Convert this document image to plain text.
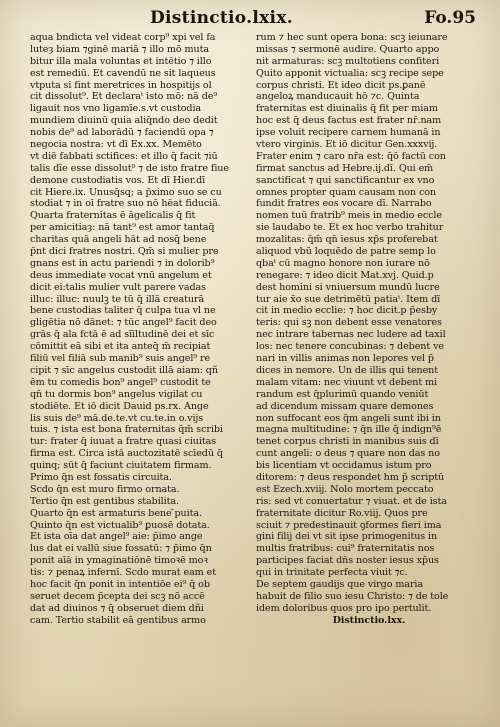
Distinctio.lxix.	Fo.95
aqua bndicta vel videat corp⁹ xpi vel fa
luteȝ biam ⁊ginē mariā ⁊ illo mō muta
bitur illa mala voluntas et intētio ⁊ illo
est remediū. Et cavendū ne sit laqueus
vtputa si fint meretrices in hospitijs ol
cit dissolut⁹. Et declaraᵗ isto mō: nā de⁹
ligauit nos vno ligamīe.s.vt custodia
mundiem diuinū quia aliq̄ndo deo dedit
nobis de⁹ ad laborādū ⁊ faciendū opa ⁊
negocia nostra: vt dī Ex.xx. Memēto
vt diē fabbati sctifices: et illo q̄ facit ⁊iū
talis dīe esse dissolut⁹ ⁊ de isto fratre fiue
demone custodiatis vos. Et dī Hier.dī
cit Hiere.ix. Unusq̄sq; a p̄ximo suo se cu
stodiat ⁊ in oī fratre suo nō hēat fiduciā.
Quarta fraternitas ē āgelicalis q̄ fit
per amicitiaȝ: nā tant⁹ est amor tantaq̄
charitas quā angeli hāt ad nosq̄ bene
p̄nt dici fratres nostri. Qm̄ si mulier pre
gnans est in actu pariendi ⁊ in dolorib⁹
deus immediate vocat vnū angelum et
dicit ei:talis mulier vult parere vadas
illuc: illuc: nuulꝫ te tū q̄ illā creaturā
bene custodias taliter q̄ culpa tua vl ne
gligētia nō dānet: ⁊ tūc angel⁹ facit deo
grās q̄ ala fctā ē ad sīīltudinē dei et sīc
cōmittit eā sibi et ita anteq̄ m̄ recipiat
filiū vel filiā sub manib⁹ suis angel⁹ re
cipit ⁊ sīc angelus custodit illā aiam: qñ
ēm tu comedis bon⁹ angel⁹ custodit te
qn̄ tu dormis bon⁹ angelus vigilat cu
stodiēte. Et iō dicit Dauid ps.rx. Ange
lis suis de⁹ mā.de.te.vt cu.te.in o.vijs
tuis. ⁊ ista est bona fraternitas q̄m̄ scribi
tur: frater q̄ iuuat a fratre quasi ciuitas
firma est. Circa istā auctozitatē scīedū q̄
quinq; sūt q̄ faciunt ciuitatem firmam.
Primo q̄n est fossatis circuita.
Scdo q̄n est muro firmo ornata.
Tertio q̄n est gentibus stabilita.
Quarto q̄n est armaturis bene ̄puita.
Quinto q̄n est victualib⁹ ꝑuosē dotata.
Et ista oīa dat angel⁹ aie: p̄imo ange
lus dat ei vallū siue fossatū: ⁊ p̄imo q̄n
ponit aīā in ymaginatiōnē timoꝛē moꝛ
tis: ⁊ penaꝝ infernī. Scdo murat eam et
hoc facit q̄n ponit in intentiōe ei⁹ q̄ ob
seruet decem p̄cepta dei scꝫ nō accē
dat ad diuinos ⁊ q̄ obseruet diem dñi
cam. Tertio stabilit eā gentibus armo
rum ⁊ hec sunt opera bona: scꝫ ieiunare
missas ⁊ sermonē audire. Quarto appo
nit armaturas: scꝫ multotiens confiteri
Quito apponit victualia: scꝫ recipe sepe
corpus christi. Et ideo dicit ps.ꝑanē
angeloꝝ manducauit hō ⁊c. Quinta
fraternitas est diuinalis q̄ fit per miam
hoc est q̄ deus factus est frater nr̄.nam
ipse voluit recipere carnem humanā in
vtero virginis. Et iō dicitur Gen.xxxvij.
Frater enim ⁊ caro nr̄a est: q̄ō factū con
firmat sanctus ad Hebre.ij.dī. Qui em̄
sanctificat ⁊ qui sanctificantur ex vno
omnes propter quam causam non con
fundit fratres eos vocare dī. Narrabo
nomen tuū fratrib⁹ meis in medio eccle
sie laudabo te. Et ex hoc verbo trahitur
mozalitas: q̄m̄ qn̄ iesus xp̄s proferebat
aliquod vbū loquēdo de patre semp lo
qbaᵗ cū magno honore non iurare nō
renegare: ⁊ ideo dicit Mat.xvj. Quid.p
dest homini si vniuersum mundū lucre
tur aie x̄o sue detrimētū patiaᵗ. Item dī
cit in medio ecclie: ⁊ hoc dicit.p p̄esby
teris: qui sꝫ non debent esse venatores
nec intrare tabernas nec ludere ad taxil
los: nec tenere concubinas: ⁊ debent ve
nari in villis animas non lepores vel p̄
dices in nemore. Un de illis qui tenent
malam vitam: nec viuunt vt debent mi
randum est q̄plurimū quando veniūt
ad dicendum missam quare demones
non suffocant eos q̄m angeli sunt ibi in
magna multitudine: ⁊ q̄n ille q̄ indign⁹ē
tenet corpus christi in manibus suis dī
cunt angeli: o deus ⁊ quare non das no
bis licentiam vt occidamus istum pro
ditorem: ⁊ deus respondet h̄m p̄ scriptū
est Ezech.xviij. Nolo mortem peccato
ris: sed vt conuertatur ⁊ viuat. et de ista
fraternitate dicitur Ro.viij. Quos pre
sciuit ⁊ predestinauit ꝯformes fieri ima
gini filij dei vt sit ipse primogenitus in
multis fratribus: cui⁹ fraternitatis nos
participes faciat dn̄s noster iesus xp̄us
qui in trinitate perfecta viuit ⁊c.
De septem gaudijs que virgo maria
habuit de filio suo iesu Christo: ⁊ de tole
idem doloribus quos pro ipo pertulit.
Distinctio.lxx.
